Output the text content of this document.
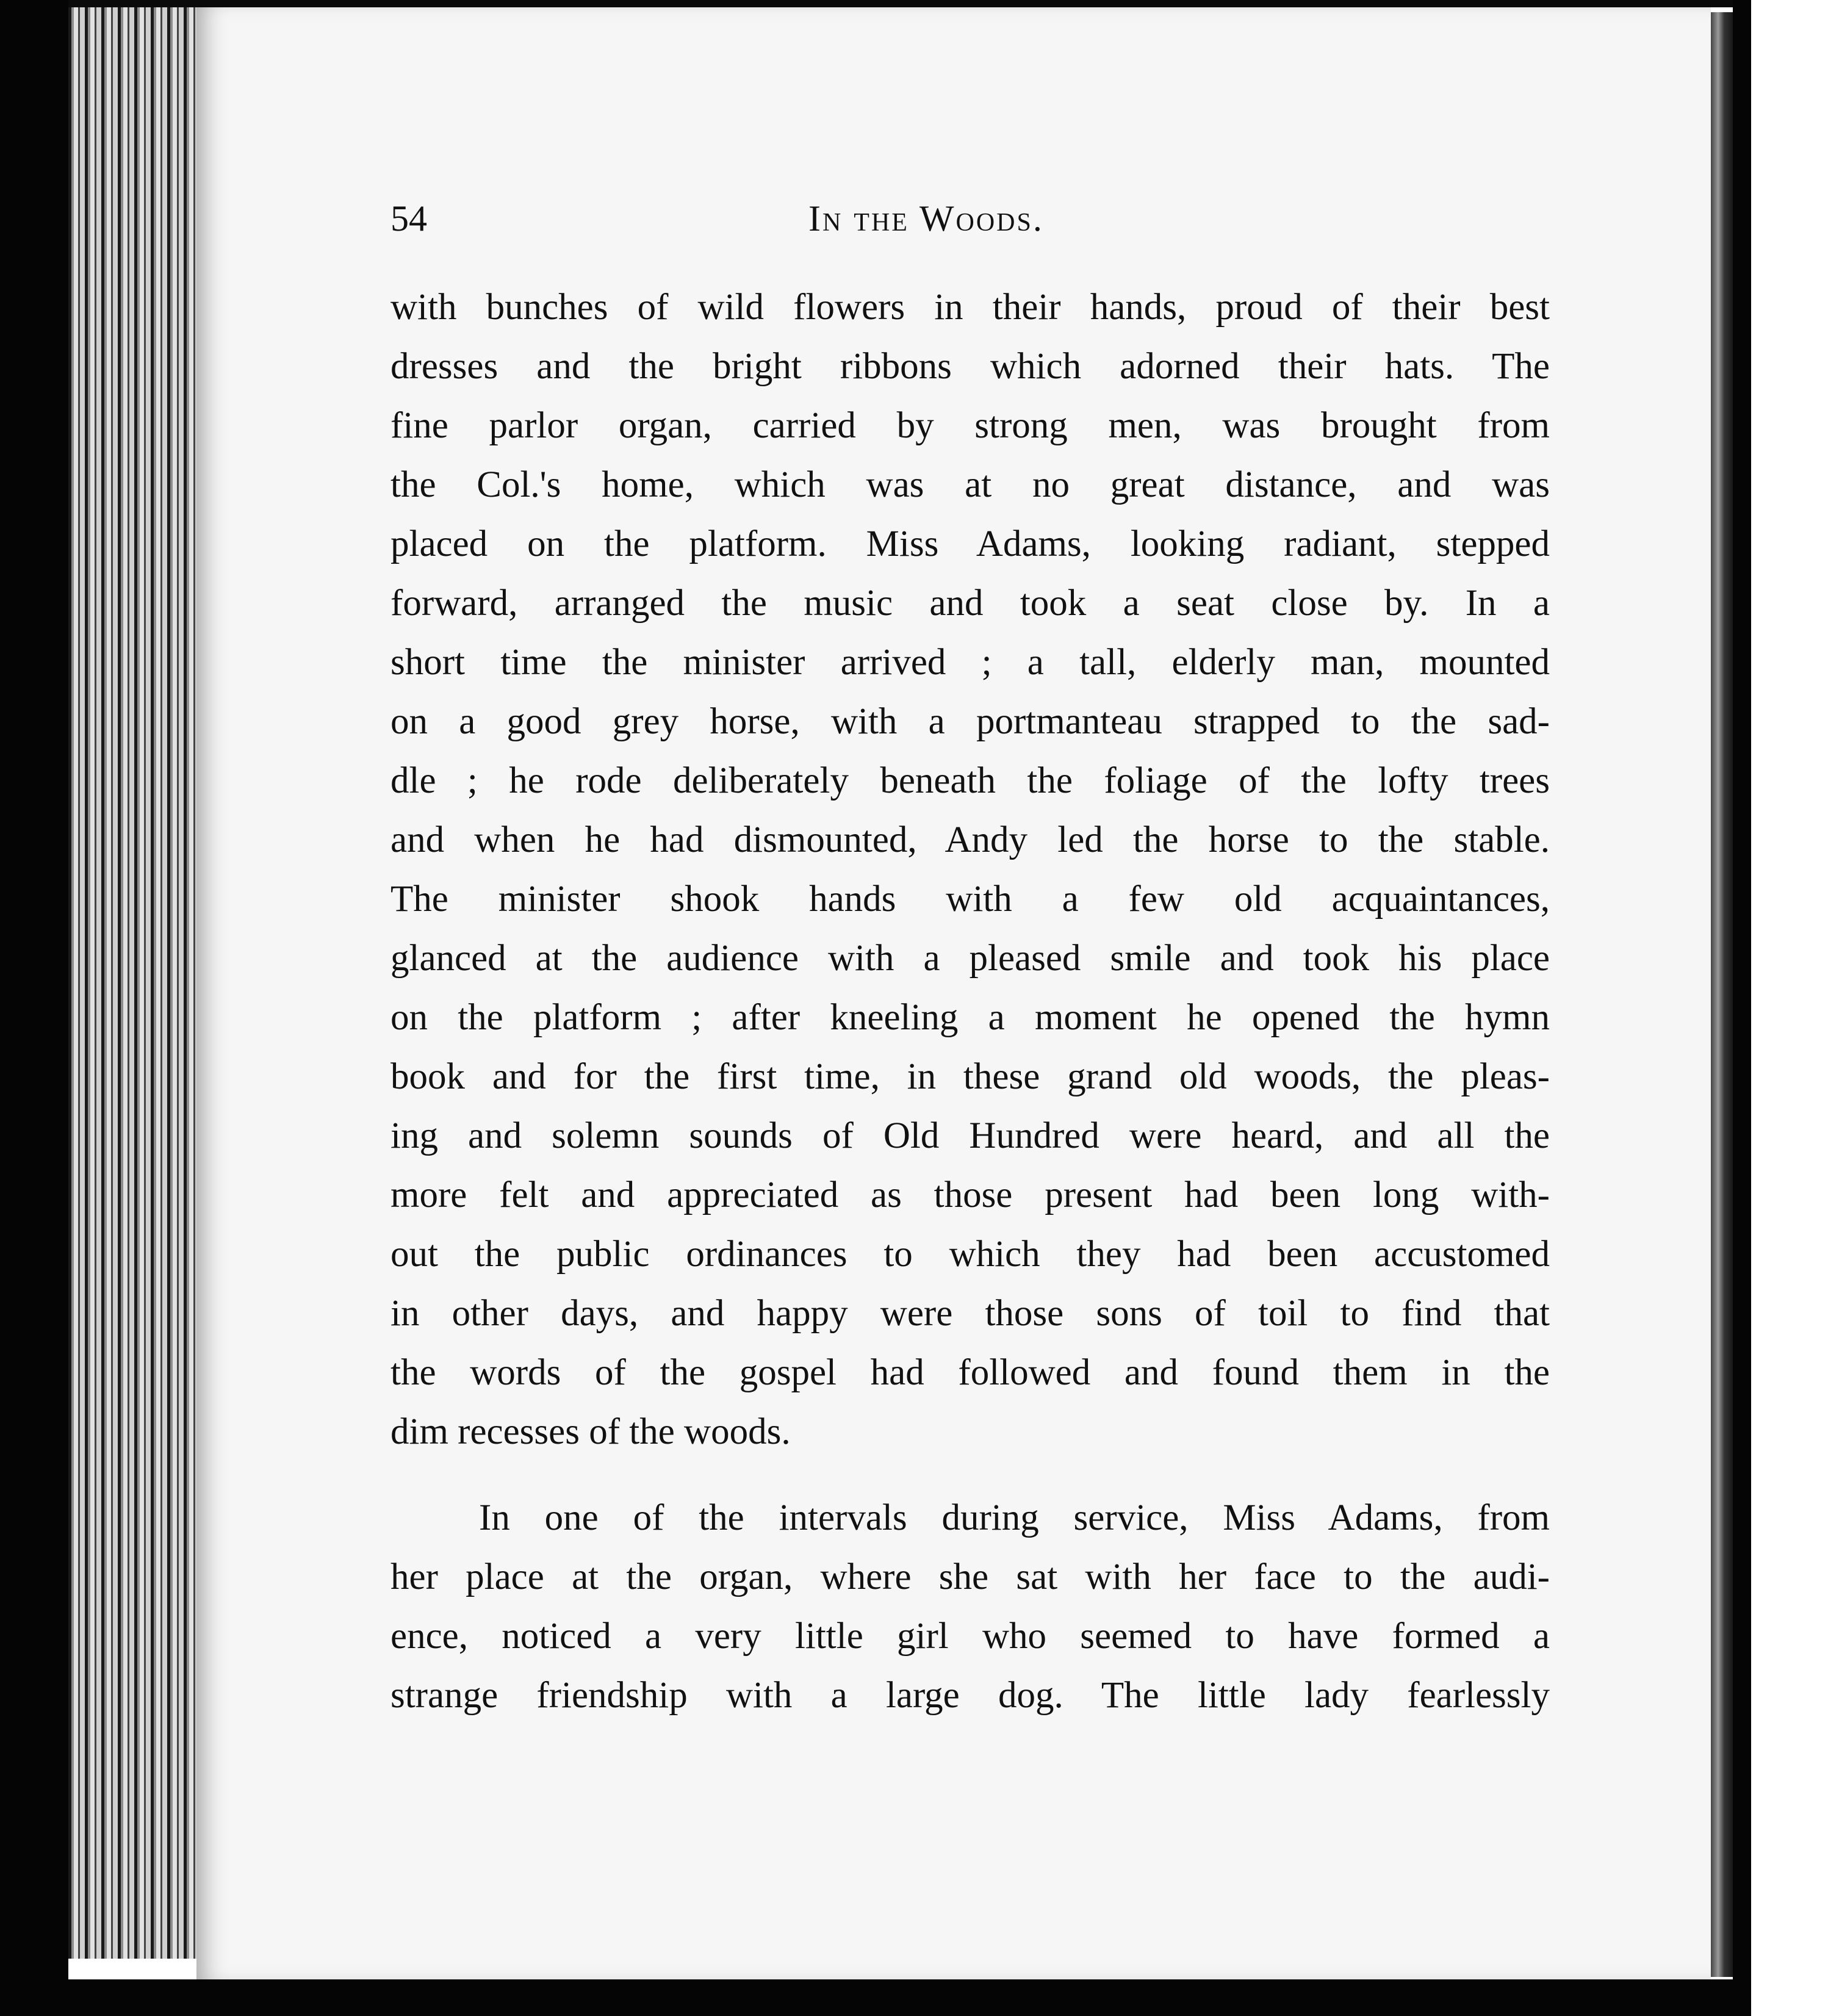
54	In the Woods.
with bunches of wild flowers in their hands, proud of their best
dresses and the bright ribbons which adorned their hats. The
fine parlor organ, carried by strong men, was brought from
the Col.'s home, which was at no great distance, and was
placed on the platform. Miss Adams, looking radiant, stepped
forward, arranged the music and took a seat close by. In a
short time the minister arrived ; a tall, elderly man, mounted
on a good grey horse, with a portmanteau strapped to the sad-
dle ; he rode deliberately beneath the foliage of the lofty trees
and when he had dismounted, Andy led the horse to the stable.
The minister shook hands with a few old acquaintances,
glanced at the audience with a pleased smile and took his place
on the platform ; after kneeling a moment he opened the hymn
book and for the first time, in these grand old woods, the pleas-
ing and solemn sounds of Old Hundred were heard, and all the
more felt and appreciated as those present had been long with-
out the public ordinances to which they had been accustomed
in other days, and happy were those sons of toil to find that
the words of the gospel had followed and found them in the
dim recesses of the woods.
In one of the intervals during service, Miss Adams, from
her place at the organ, where she sat with her face to the audi-
ence, noticed a very little girl who seemed to have formed a
strange friendship with a large dog. The little lady fearlessly
